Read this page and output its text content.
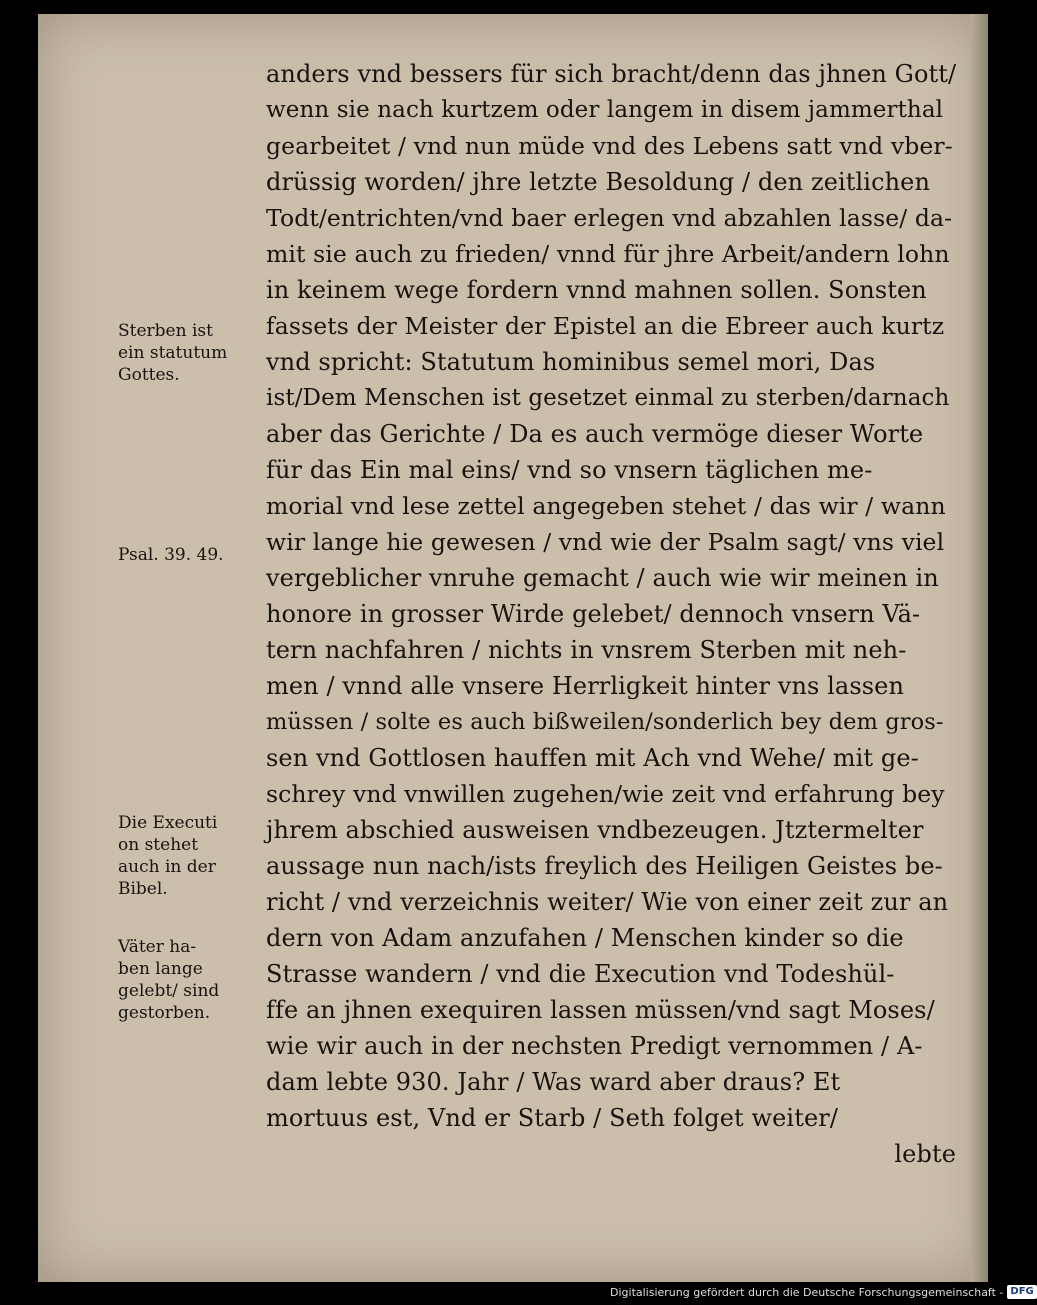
anders vnd bessers für sich bracht/denn das jhnen Gott/
wenn sie nach kurtzem oder langem in disem jammerthal
gearbeitet / vnd nun müde vnd des Lebens satt vnd vber-
drüssig worden/ jhre letzte Besoldung / den zeitlichen
Todt/entrichten/vnd baer erlegen vnd abzahlen lasse/ da-
mit sie auch zu frieden/ vnnd für jhre Arbeit/andern lohn
in keinem wege fordern vnnd mahnen sollen. Sonsten
fassets der Meister der Epistel an die Ebreer auch kurtz
vnd spricht: Statutum hominibus semel mori, Das
ist/Dem Menschen ist gesetzet einmal zu sterben/darnach
aber das Gerichte / Da es auch vermöge dieser Worte
für das Ein mal eins/ vnd so vnsern täglichen me-
morial vnd lese zettel angegeben stehet / das wir / wann
wir lange hie gewesen / vnd wie der Psalm sagt/ vns viel
vergeblicher vnruhe gemacht / auch wie wir meinen in
honore in grosser Wirde gelebet/ dennoch vnsern Vä-
tern nachfahren / nichts in vnsrem Sterben mit neh-
men / vnnd alle vnsere Herrligkeit hinter vns lassen
müssen / solte es auch bißweilen/sonderlich bey dem gros-
sen vnd Gottlosen hauffen mit Ach vnd Wehe/ mit ge-
schrey vnd vnwillen zugehen/wie zeit vnd erfahrung bey
jhrem abschied ausweisen vndbezeugen. Jtztermelter
aussage nun nach/ists freylich des Heiligen Geistes be-
richt / vnd verzeichnis weiter/ Wie von einer zeit zur an
dern von Adam anzufahen / Menschen kinder so die
Strasse wandern / vnd die Execution vnd Todeshül-
ffe an jhnen exequiren lassen müssen/vnd sagt Moses/
wie wir auch in der nechsten Predigt vernommen / A-
dam lebte 930. Jahr / Was ward aber draus? Et
mortuus est, Vnd er Starb / Seth folget weiter/
lebte
Sterben ist
ein statutum
Gottes.
Psal. 39. 49.
Die Executi
on stehet
auch in der
Bibel.
Väter ha-
ben lange
gelebt/ sind
gestorben.
Digitalisierung gefördert durch die Deutsche Forschungsgemeinschaft - DFG
